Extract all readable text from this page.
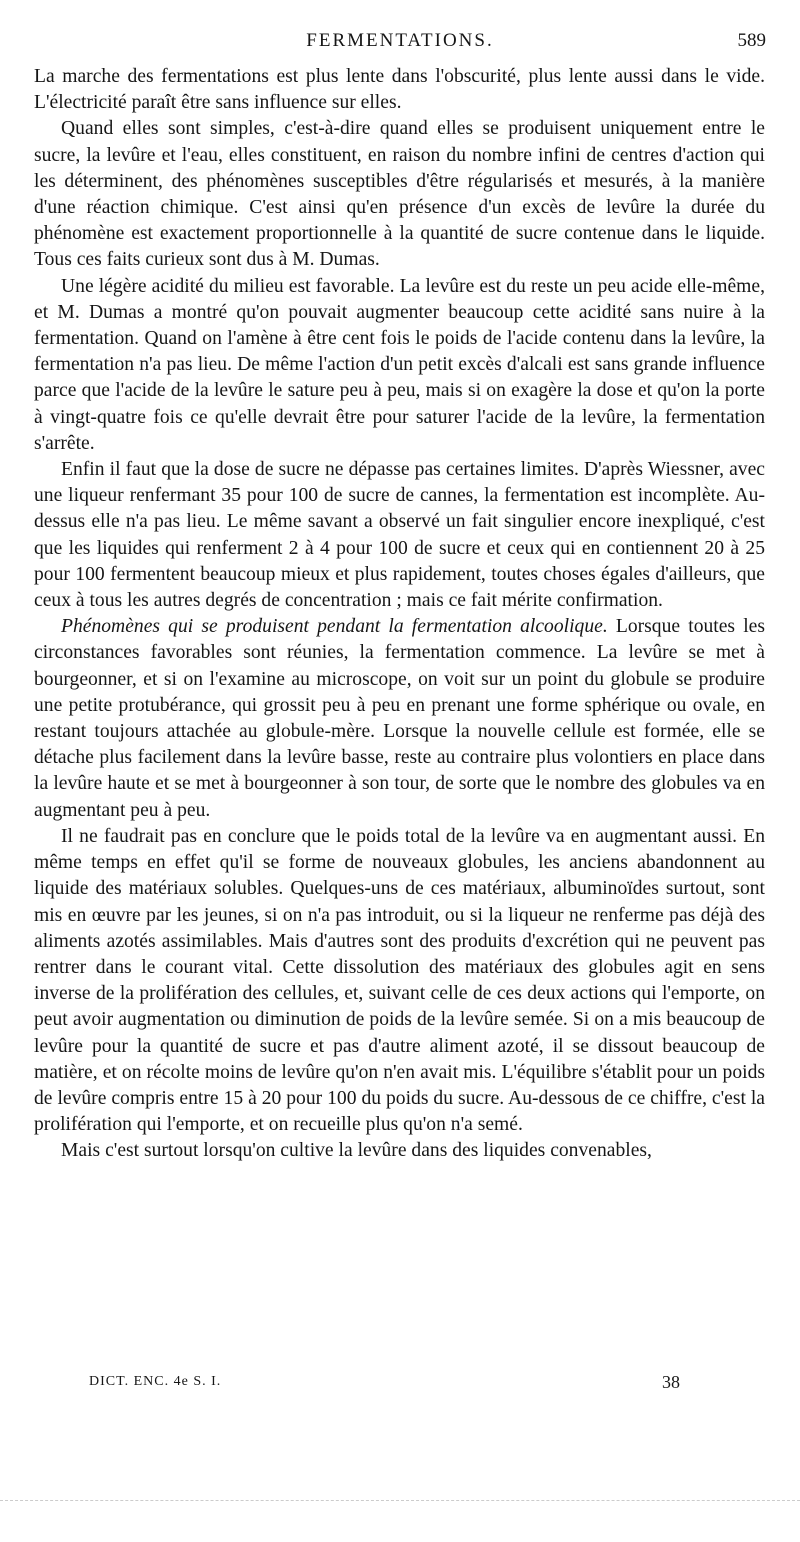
FERMENTATIONS.	589

La marche des fermentations est plus lente dans l'obscurité, plus lente aussi dans le vide. L'électricité paraît être sans influence sur elles.

Quand elles sont simples, c'est-à-dire quand elles se produisent uniquement entre le sucre, la levûre et l'eau, elles constituent, en raison du nombre infini de centres d'action qui les déterminent, des phénomènes susceptibles d'être régularisés et mesurés, à la manière d'une réaction chimique. C'est ainsi qu'en présence d'un excès de levûre la durée du phénomène est exactement proportionnelle à la quantité de sucre contenue dans le liquide. Tous ces faits curieux sont dus à M. Dumas.

Une légère acidité du milieu est favorable. La levûre est du reste un peu acide elle-même, et M. Dumas a montré qu'on pouvait augmenter beaucoup cette acidité sans nuire à la fermentation. Quand on l'amène à être cent fois le poids de l'acide contenu dans la levûre, la fermentation n'a pas lieu. De même l'action d'un petit excès d'alcali est sans grande influence parce que l'acide de la levûre le sature peu à peu, mais si on exagère la dose et qu'on la porte à vingt-quatre fois ce qu'elle devrait être pour saturer l'acide de la levûre, la fermentation s'arrête.

Enfin il faut que la dose de sucre ne dépasse pas certaines limites. D'après Wiessner, avec une liqueur renfermant 35 pour 100 de sucre de cannes, la fermentation est incomplète. Au-dessus elle n'a pas lieu. Le même savant a observé un fait singulier encore inexpliqué, c'est que les liquides qui renferment 2 à 4 pour 100 de sucre et ceux qui en contiennent 20 à 25 pour 100 fermentent beaucoup mieux et plus rapidement, toutes choses égales d'ailleurs, que ceux à tous les autres degrés de concentration ; mais ce fait mérite confirmation.

Phénomènes qui se produisent pendant la fermentation alcoolique. Lorsque toutes les circonstances favorables sont réunies, la fermentation commence. La levûre se met à bourgeonner, et si on l'examine au microscope, on voit sur un point du globule se produire une petite protubérance, qui grossit peu à peu en prenant une forme sphérique ou ovale, en restant toujours attachée au globule-mère. Lorsque la nouvelle cellule est formée, elle se détache plus facilement dans la levûre basse, reste au contraire plus volontiers en place dans la levûre haute et se met à bourgeonner à son tour, de sorte que le nombre des globules va en augmentant peu à peu.

Il ne faudrait pas en conclure que le poids total de la levûre va en augmentant aussi. En même temps en effet qu'il se forme de nouveaux globules, les anciens abandonnent au liquide des matériaux solubles. Quelques-uns de ces matériaux, albuminoïdes surtout, sont mis en œuvre par les jeunes, si on n'a pas introduit, ou si la liqueur ne renferme pas déjà des aliments azotés assimilables. Mais d'autres sont des produits d'excrétion qui ne peuvent pas rentrer dans le courant vital. Cette dissolution des matériaux des globules agit en sens inverse de la prolifération des cellules, et, suivant celle de ces deux actions qui l'emporte, on peut avoir augmentation ou diminution de poids de la levûre semée. Si on a mis beaucoup de levûre pour la quantité de sucre et pas d'autre aliment azoté, il se dissout beaucoup de matière, et on récolte moins de levûre qu'on n'en avait mis. L'équilibre s'établit pour un poids de levûre compris entre 15 à 20 pour 100 du poids du sucre. Au-dessous de ce chiffre, c'est la prolifération qui l'emporte, et on recueille plus qu'on n'a semé.

Mais c'est surtout lorsqu'on cultive la levûre dans des liquides convenables,

DICT. ENC. 4e S. I.	38
